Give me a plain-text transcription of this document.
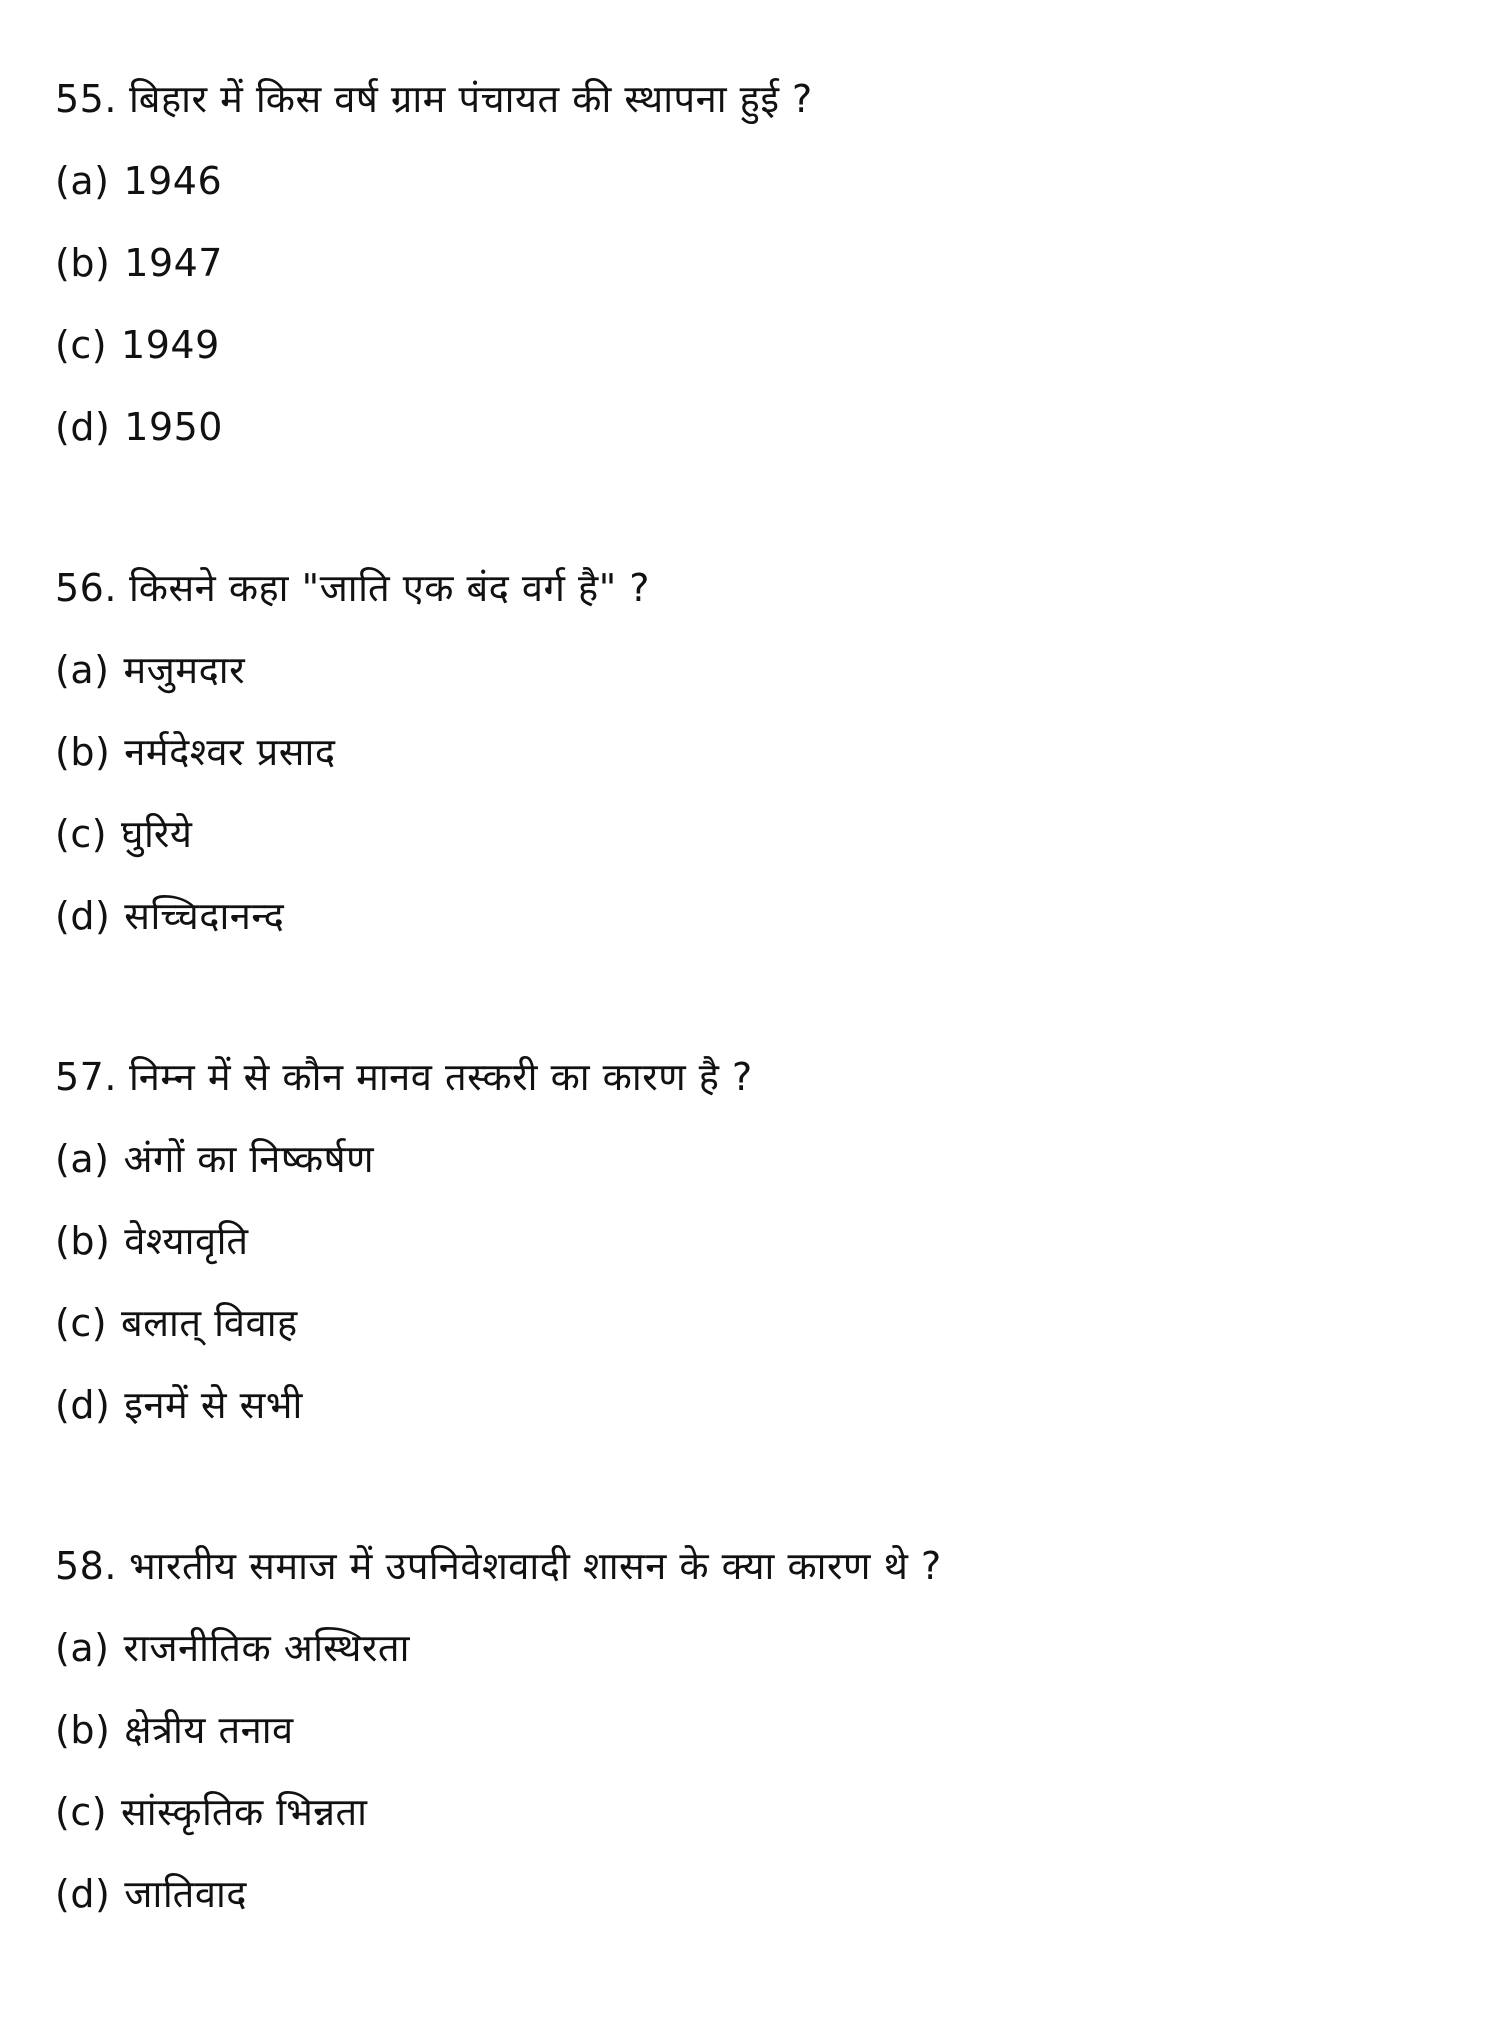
55. बिहार में किस वर्ष ग्राम पंचायत की स्थापना हुई ?
(a) 1946
(b) 1947
(c) 1949
(d) 1950
56. किसने कहा "जाति एक बंद वर्ग है" ?
(a) मजुमदार
(b) नर्मदेश्वर प्रसाद
(c) घुरिये
(d) सच्चिदानन्द
57. निम्न में से कौन मानव तस्करी का कारण है ?
(a) अंगों का निष्कर्षण
(b) वेश्यावृति
(c) बलात् विवाह
(d) इनमें से सभी
58. भारतीय समाज में उपनिवेशवादी शासन के क्या कारण थे ?
(a) राजनीतिक अस्थिरता
(b) क्षेत्रीय तनाव
(c) सांस्कृतिक भिन्नता
(d) जातिवाद
